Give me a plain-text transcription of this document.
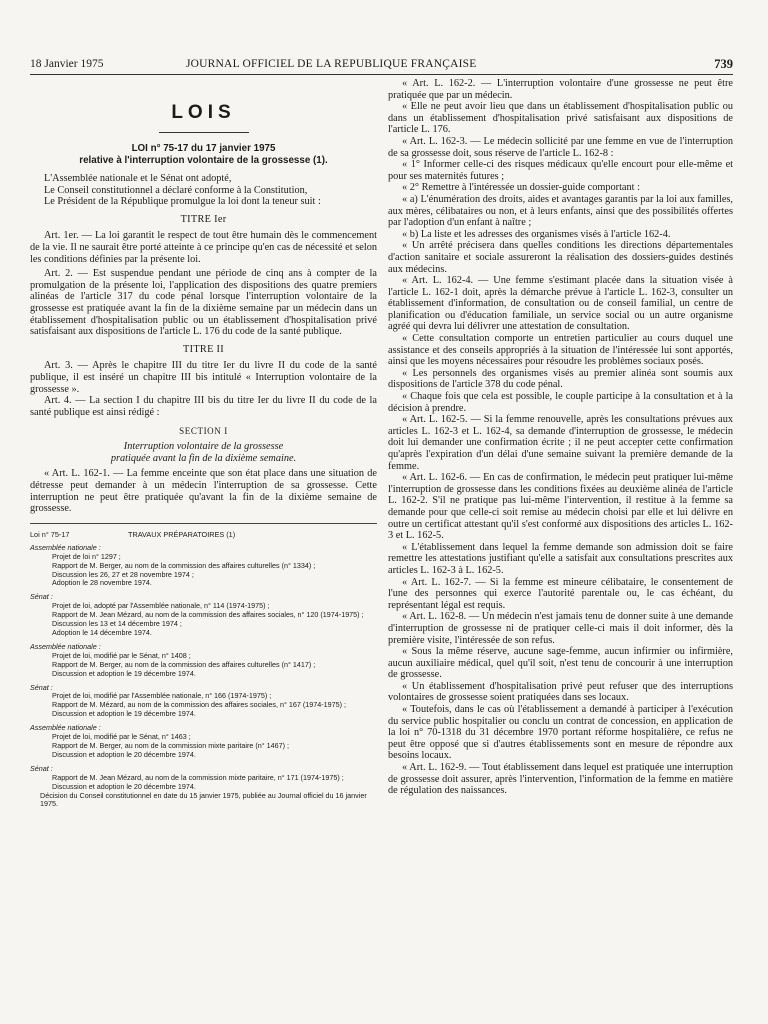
18 Janvier 1975	JOURNAL OFFICIEL DE LA REPUBLIQUE FRANÇAISE	739
LOIS
LOI n° 75-17 du 17 janvier 1975
relative à l'interruption volontaire de la grossesse (1).

L'Assemblée nationale et le Sénat ont adopté,

Le Conseil constitutionnel a déclaré conforme à la Constitution,

Le Président de la République promulgue la loi dont la teneur suit :

TITRE Ier

Art. 1er. — La loi garantit le respect de tout être humain dès le commencement de la vie. Il ne saurait être porté atteinte à ce principe qu'en cas de nécessité et selon les conditions définies par la présente loi.

Art. 2. — Est suspendue pendant une période de cinq ans à compter de la promulgation de la présente loi, l'application des dispositions des quatre premiers alinéas de l'article 317 du code pénal lorsque l'interruption volontaire de la grossesse est pratiquée avant la fin de la dixième semaine par un médecin dans un établissement d'hospitalisation public ou un établissement d'hospitalisation privé satisfaisant aux dispositions de l'article L. 176 du code de la santé publique.

TITRE II

Art. 3. — Après le chapitre III du titre Ier du livre II du code de la santé publique, il est inséré un chapitre III bis intitulé « Interruption volontaire de la grossesse ».

Art. 4. — La section I du chapitre III bis du titre Ier du livre II du code de la santé publique est ainsi rédigé :

SECTION I
Interruption volontaire de la grossesse
pratiquée avant la fin de la dixième semaine.

« Art. L. 162-1. — La femme enceinte que son état place dans une situation de détresse peut demander à un médecin l'interruption de sa grossesse. Cette interruption ne peut être pratiquée qu'avant la fin de la dixième semaine de grossesse.

Loi n° 75-17	TRAVAUX PRÉPARATOIRES (1)
Assemblée nationale :
Projet de loi n° 1297 ;
Rapport de M. Berger, au nom de la commission des affaires culturelles (n° 1334) ;
Discussion les 26, 27 et 28 novembre 1974 ;
Adoption le 28 novembre 1974.
Sénat :
Projet de loi, adopté par l'Assemblée nationale, n° 114 (1974-1975) ;
Rapport de M. Jean Mézard, au nom de la commission des affaires sociales, n° 120 (1974-1975) ;
Discussion les 13 et 14 décembre 1974 ;
Adoption le 14 décembre 1974.
Assemblée nationale :
Projet de loi, modifié par le Sénat, n° 1408 ;
Rapport de M. Berger, au nom de la commission des affaires culturelles (n° 1417) ;
Discussion et adoption le 19 décembre 1974.
Sénat :
Projet de loi, modifié par l'Assemblée nationale, n° 166 (1974-1975) ;
Rapport de M. Mézard, au nom de la commission des affaires sociales, n° 167 (1974-1975) ;
Discussion et adoption le 19 décembre 1974.
Assemblée nationale :
Projet de loi, modifié par le Sénat, n° 1463 ;
Rapport de M. Berger, au nom de la commission mixte paritaire (n° 1467) ;
Discussion et adoption le 20 décembre 1974.
Sénat :
Rapport de M. Jean Mézard, au nom de la commission mixte paritaire, n° 171 (1974-1975) ;
Discussion et adoption le 20 décembre 1974.
Décision du Conseil constitutionnel en date du 15 janvier 1975, publiée au Journal officiel du 16 janvier 1975.

« Art. L. 162-2. — L'interruption volontaire d'une grossesse ne peut être pratiquée que par un médecin.

« Elle ne peut avoir lieu que dans un établissement d'hospitalisation public ou dans un établissement d'hospitalisation privé satisfaisant aux dispositions de l'article L. 176.

« Art. L. 162-3. — Le médecin sollicité par une femme en vue de l'interruption de sa grossesse doit, sous réserve de l'article L. 162-8 :

« 1° Informer celle-ci des risques médicaux qu'elle encourt pour elle-même et pour ses maternités futures ;

« 2° Remettre à l'intéressée un dossier-guide comportant :

« a) L'énumération des droits, aides et avantages garantis par la loi aux familles, aux mères, célibataires ou non, et à leurs enfants, ainsi que des possibilités offertes par l'adoption d'un enfant à naître ;

« b) La liste et les adresses des organismes visés à l'article 162-4.

« Un arrêté précisera dans quelles conditions les directions départementales d'action sanitaire et sociale assureront la réalisation des dossiers-guides destinés aux médecins.

« Art. L. 162-4. — Une femme s'estimant placée dans la situation visée à l'article L. 162-1 doit, après la démarche prévue à l'article L. 162-3, consulter un établissement d'information, de consultation ou de conseil familial, un centre de planification ou d'éducation familiale, un service social ou un autre organisme agréé qui devra lui délivrer une attestation de consultation.

« Cette consultation comporte un entretien particulier au cours duquel une assistance et des conseils appropriés à la situation de l'intéressée lui sont apportés, ainsi que les moyens nécessaires pour résoudre les problèmes sociaux posés.

« Les personnels des organismes visés au premier alinéa sont soumis aux dispositions de l'article 378 du code pénal.

« Chaque fois que cela est possible, le couple participe à la consultation et à la décision à prendre.

« Art. L. 162-5. — Si la femme renouvelle, après les consultations prévues aux articles L. 162-3 et L. 162-4, sa demande d'interruption de grossesse, le médecin doit lui demander une confirmation écrite ; il ne peut accepter cette confirmation qu'après l'expiration d'un délai d'une semaine suivant la première demande de la femme.

« Art. L. 162-6. — En cas de confirmation, le médecin peut pratiquer lui-même l'interruption de grossesse dans les conditions fixées au deuxième alinéa de l'article L. 162-2. S'il ne pratique pas lui-même l'intervention, il restitue à la femme sa demande pour que celle-ci soit remise au médecin choisi par elle et lui délivre en outre un certificat attestant qu'il s'est conformé aux dispositions des articles L. 162-3 et L. 162-5.

« L'établissement dans lequel la femme demande son admission doit se faire remettre les attestations justifiant qu'elle a satisfait aux consultations prescrites aux articles L. 162-3 à L. 162-5.

« Art. L. 162-7. — Si la femme est mineure célibataire, le consentement de l'une des personnes qui exerce l'autorité parentale ou, le cas échéant, du représentant légal est requis.

« Art. L. 162-8. — Un médecin n'est jamais tenu de donner suite à une demande d'interruption de grossesse ni de pratiquer celle-ci mais il doit informer, dès la première visite, l'intéressée de son refus.

« Sous la même réserve, aucune sage-femme, aucun infirmier ou infirmière, aucun auxiliaire médical, quel qu'il soit, n'est tenu de concourir à une interruption de grossesse.

« Un établissement d'hospitalisation privé peut refuser que des interruptions volontaires de grossesse soient pratiquées dans ses locaux.

« Toutefois, dans le cas où l'établissement a demandé à participer à l'exécution du service public hospitalier ou conclu un contrat de concession, en application de la loi n° 70-1318 du 31 décembre 1970 portant réforme hospitalière, ce refus ne peut être opposé que si d'autres établissements sont en mesure de répondre aux besoins locaux.

« Art. L. 162-9. — Tout établissement dans lequel est pratiquée une interruption de grossesse doit assurer, après l'intervention, l'information de la femme en matière de régulation des naissances.
